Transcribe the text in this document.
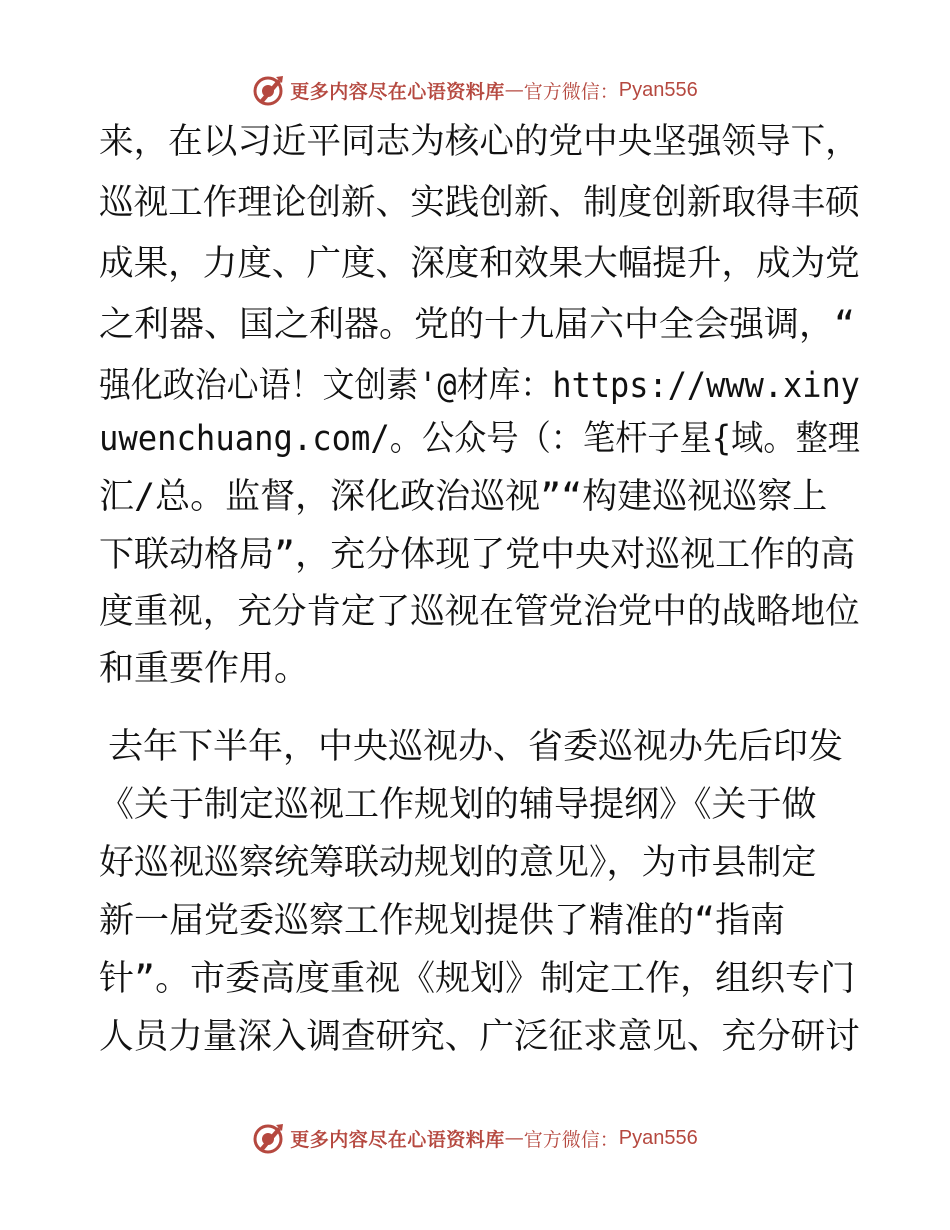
更多内容尽在心语资料库 — 官方微信： Pyan556
来，在以习近平同志为核心的党中央坚强领导下，
巡视工作理论创新、实践创新、制度创新取得丰硕
成果，力度、广度、深度和效果大幅提升，成为党
之利器、国之利器。党的十九届六中全会强调，“
强化政治心语！文创素'@材库：https://www.xiny
uwenchuang.com/。公众号（：笔杆子星{域。整理
汇/总。监督，深化政治巡视”“构建巡视巡察上
下联动格局”，充分体现了党中央对巡视工作的高
度重视，充分肯定了巡视在管党治党中的战略地位
和重要作用。
去年下半年，中央巡视办、省委巡视办先后印发
《关于制定巡视工作规划的辅导提纲》《关于做
好巡视巡察统筹联动规划的意见》，为市县制定
新一届党委巡察工作规划提供了精准的“指南
针”。市委高度重视《规划》制定工作，组织专门
人员力量深入调查研究、广泛征求意见、充分研讨
更多内容尽在心语资料库 — 官方微信： Pyan556
